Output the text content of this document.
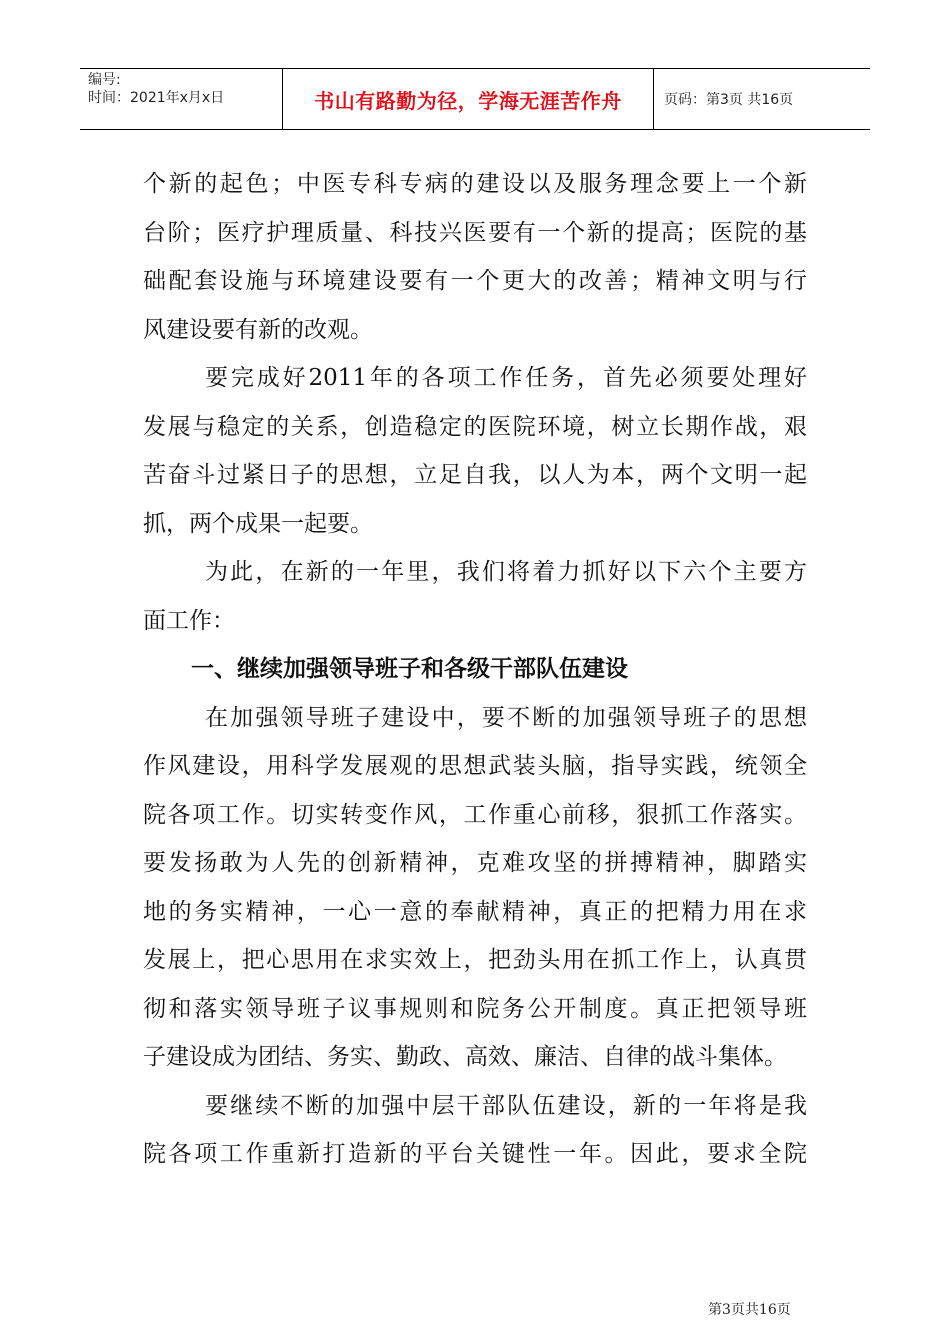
编号:
时间：2021年x月x日	书山有路勤为径，学海无涯苦作舟	页码：第3页 共16页
个新的起色；中医专科专病的建设以及服务理念要上一个新
台阶；医疗护理质量、科技兴医要有一个新的提高；医院的基
础配套设施与环境建设要有一个更大的改善；精神文明与行
风建设要有新的改观。
要完成好2011年的各项工作任务，首先必须要处理好
发展与稳定的关系，创造稳定的医院环境，树立长期作战，艰
苦奋斗过紧日子的思想，立足自我，以人为本，两个文明一起
抓，两个成果一起要。
为此，在新的一年里，我们将着力抓好以下六个主要方
面工作：
一、继续加强领导班子和各级干部队伍建设
在加强领导班子建设中，要不断的加强领导班子的思想
作风建设，用科学发展观的思想武装头脑，指导实践，统领全
院各项工作。切实转变作风，工作重心前移，狠抓工作落实。
要发扬敢为人先的创新精神，克难攻坚的拼搏精神，脚踏实
地的务实精神，一心一意的奉献精神，真正的把精力用在求
发展上，把心思用在求实效上，把劲头用在抓工作上，认真贯
彻和落实领导班子议事规则和院务公开制度。真正把领导班
子建设成为团结、务实、勤政、高效、廉洁、自律的战斗集体。
要继续不断的加强中层干部队伍建设，新的一年将是我
院各项工作重新打造新的平台关键性一年。因此，要求全院
第3页共16页
